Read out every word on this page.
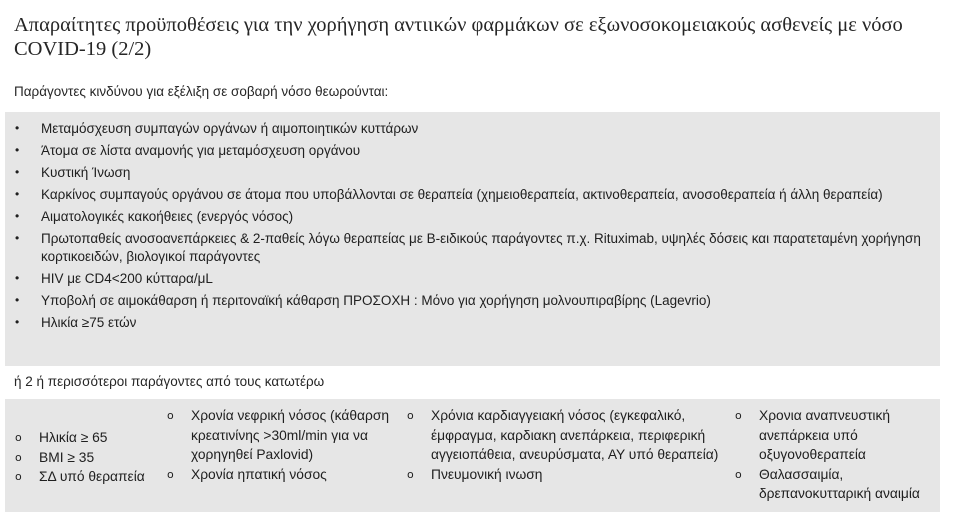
Απαραίτητες προϋποθέσεις για την χορήγηση αντιικών φαρμάκων σε εξωνοσοκομειακούς ασθενείς με νόσο COVID-19 (2/2)
Παράγοντες κινδύνου για εξέλιξη σε σοβαρή νόσο θεωρούνται:
• Μεταμόσχευση συμπαγών οργάνων ή αιμοποιητικών κυττάρων
• Άτομα σε λίστα αναμονής για μεταμόσχευση οργάνου
• Κυστική Ίνωση
• Καρκίνος συμπαγούς οργάνου σε άτομα που υποβάλλονται σε θεραπεία (χημειοθεραπεία, ακτινοθεραπεία, ανοσοθεραπεία ή άλλη θεραπεία)
• Αιματολογικές κακοήθειες (ενεργός νόσος)
• Πρωτοπαθείς ανοσοανεπάρκειες & 2-παθείς λόγω θεραπείας με Β-ειδικούς παράγοντες π.χ. Rituximab, υψηλές δόσεις και παρατεταμένη χορήγηση κορτικοειδών, βιολογικοί παράγοντες
• HIV με CD4<200 κύτταρα/μL
• Υποβολή σε αιμοκάθαρση ή περιτοναϊκή κάθαρση ΠΡΟΣΟΧΗ : Μόνο για χορήγηση μολνουπιραβίρης (Lagevrio)
• Ηλικία ≥75 ετών
ή 2 ή περισσότεροι παράγοντες από τους κατωτέρω
o Ηλικία ≥ 65
o BMI ≥ 35
o ΣΔ υπό θεραπεία
o Χρονία νεφρική νόσος (κάθαρση κρεατινίνης >30ml/min για να χορηγηθεί Paxlovid)
o Χρονία ηπατική νόσος
o Χρόνια καρδιαγγειακή νόσος (εγκεφαλικό, έμφραγμα, καρδιακη ανεπάρκεια, περιφερική αγγειοπάθεια, ανευρύσματα, ΑΥ υπό θεραπεία)
o Πνευμονική ινωση
o Χρονια αναπνευστική ανεπάρκεια υπό οξυγονοθεραπεία
o Θαλασσαιμία, δρεπανοκυτταρική αναιμία
